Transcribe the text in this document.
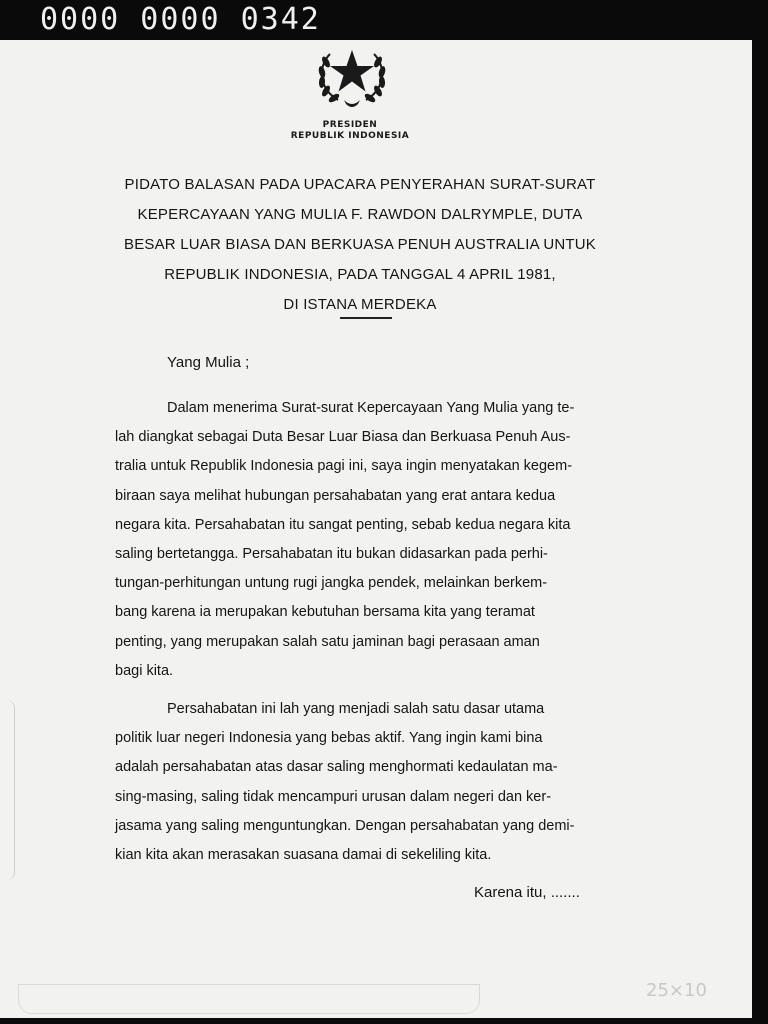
0000 0000 0342
PRESIDEN
REPUBLIK INDONESIA
PIDATO BALASAN PADA UPACARA PENYERAHAN SURAT-SURAT
KEPERCAYAAN YANG MULIA F. RAWDON DALRYMPLE, DUTA
BESAR LUAR BIASA DAN BERKUASA PENUH AUSTRALIA UNTUK
REPUBLIK INDONESIA, PADA TANGGAL 4 APRIL 1981,
DI ISTANA MERDEKA
Yang Mulia ;
Dalam menerima Surat-surat Kepercayaan Yang Mulia yang te-
lah diangkat sebagai Duta Besar Luar Biasa dan Berkuasa Penuh Aus-
tralia untuk Republik Indonesia pagi ini, saya ingin menyatakan kegem-
biraan saya melihat hubungan persahabatan yang erat antara kedua
negara kita. Persahabatan itu sangat penting, sebab kedua negara kita
saling bertetangga. Persahabatan itu bukan didasarkan pada perhi-
tungan-perhitungan untung rugi jangka pendek, melainkan berkem-
bang karena ia merupakan kebutuhan bersama kita yang teramat
penting, yang merupakan salah satu jaminan bagi perasaan aman
bagi kita.
Persahabatan ini lah yang menjadi salah satu dasar utama
politik luar negeri Indonesia yang bebas aktif. Yang ingin kami bina
adalah persahabatan atas dasar saling menghormati kedaulatan ma-
sing-masing, saling tidak mencampuri urusan dalam negeri dan ker-
jasama yang saling menguntungkan. Dengan persahabatan yang demi-
kian kita akan merasakan suasana damai di sekeliling kita.
Karena itu, .......
25×10
